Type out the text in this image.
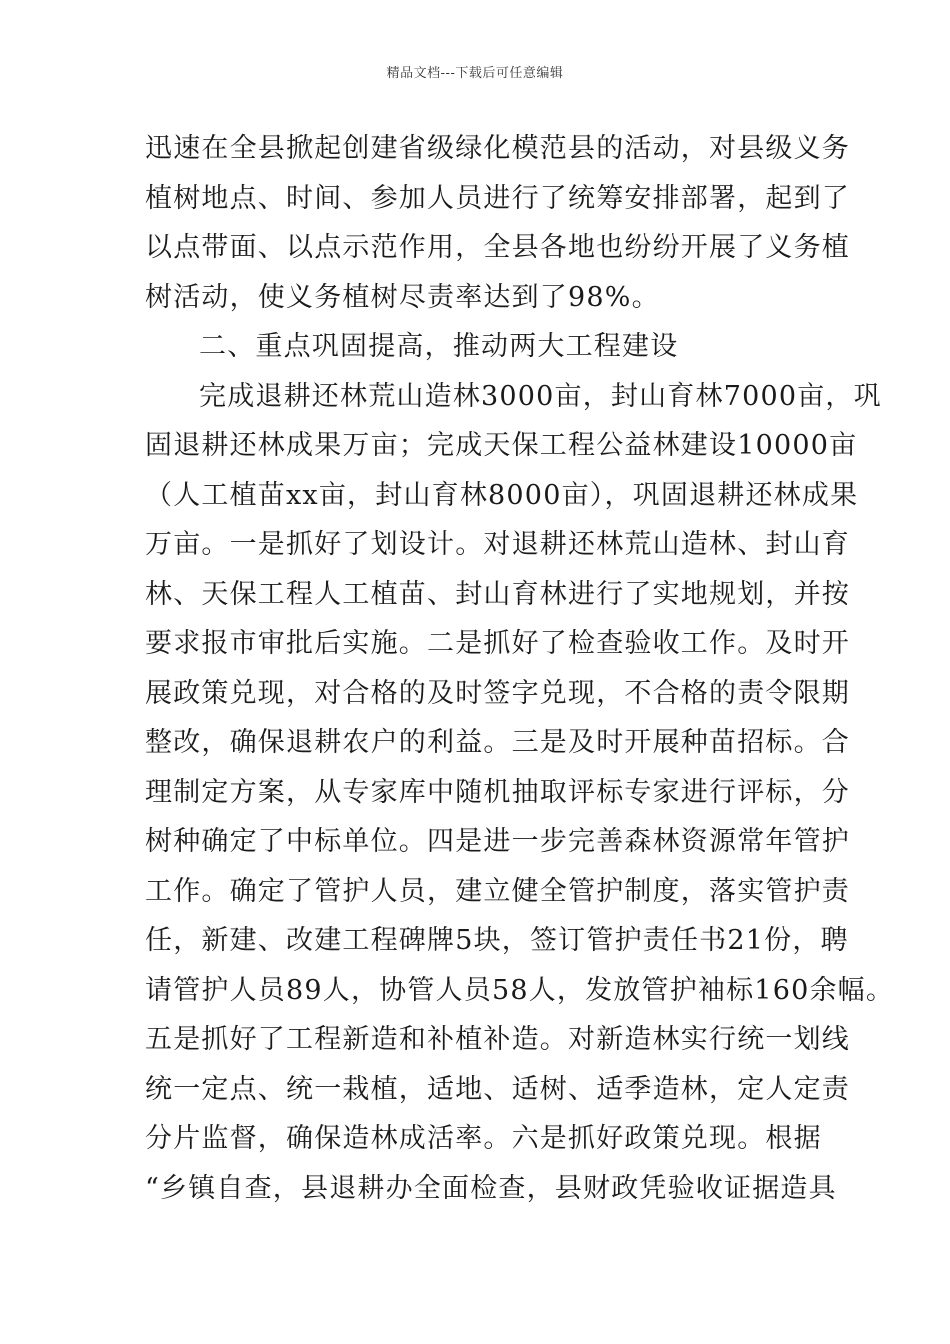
精品文档---下载后可任意编辑
迅速在全县掀起创建省级绿化模范县的活动，对县级义务
植树地点、时间、参加人员进行了统筹安排部署，起到了
以点带面、以点示范作用，全县各地也纷纷开展了义务植
树活动，使义务植树尽责率达到了98%。
二、重点巩固提高，推动两大工程建设
完成退耕还林荒山造林3000亩，封山育林7000亩，巩
固退耕还林成果万亩；完成天保工程公益林建设10000亩
（人工植苗xx亩，封山育林8000亩），巩固退耕还林成果
万亩。一是抓好了划设计。对退耕还林荒山造林、封山育
林、天保工程人工植苗、封山育林进行了实地规划，并按
要求报市审批后实施。二是抓好了检查验收工作。及时开
展政策兑现，对合格的及时签字兑现，不合格的责令限期
整改，确保退耕农户的利益。三是及时开展种苗招标。合
理制定方案，从专家库中随机抽取评标专家进行评标，分
树种确定了中标单位。四是进一步完善森林资源常年管护
工作。确定了管护人员，建立健全管护制度，落实管护责
任，新建、改建工程碑牌5块，签订管护责任书21份，聘
请管护人员89人，协管人员58人，发放管护袖标160余幅。
五是抓好了工程新造和补植补造。对新造林实行统一划线
统一定点、统一栽植，适地、适树、适季造林，定人定责
分片监督，确保造林成活率。六是抓好政策兑现。根据
“乡镇自查，县退耕办全面检查，县财政凭验收证据造具
